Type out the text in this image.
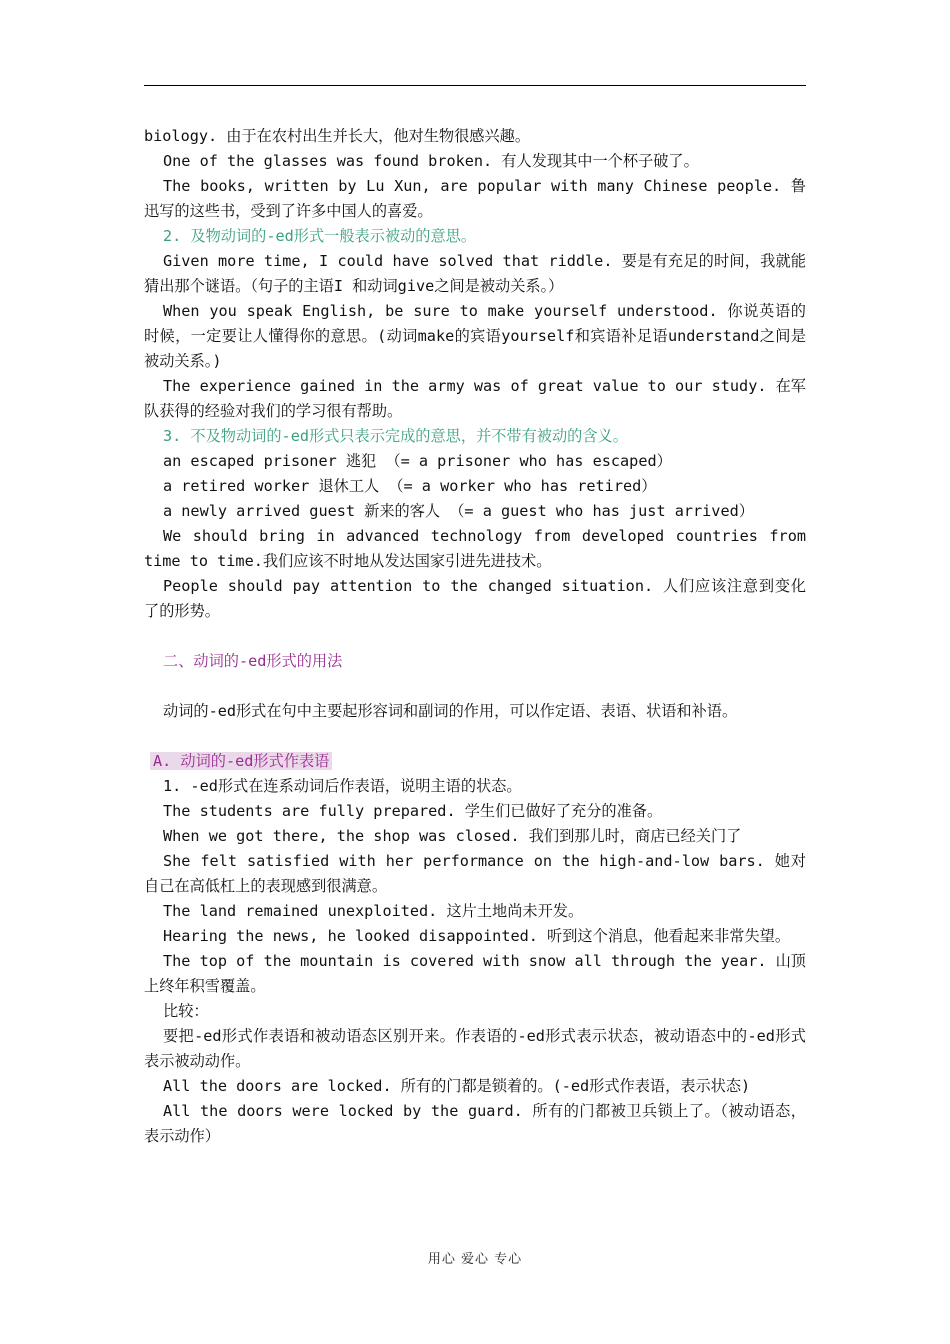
biology. 由于在农村出生并长大，他对生物很感兴趣。

One of the glasses was found broken. 有人发现其中一个杯子破了。

The books, written by Lu Xun, are popular with many Chinese people. 鲁迅写的这些书，受到了许多中国人的喜爱。

2. 及物动词的-ed形式一般表示被动的意思。

Given more time, I could have solved that riddle. 要是有充足的时间，我就能猜出那个谜语。（句子的主语I 和动词give之间是被动关系。）

When you speak English, be sure to make yourself understood. 你说英语的时候，一定要让人懂得你的意思。(动词make的宾语yourself和宾语补足语understand之间是被动关系。)

The experience gained in the army was of great value to our study. 在军队获得的经验对我们的学习很有帮助。

3. 不及物动词的-ed形式只表示完成的意思，并不带有被动的含义。

an escaped prisoner 逃犯 （= a prisoner who has escaped）

a retired worker 退休工人 （= a worker who has retired）

a newly arrived guest 新来的客人 （= a guest who has just arrived）

We should bring in advanced technology from developed countries from time to time.我们应该不时地从发达国家引进先进技术。

People should pay attention to the changed situation. 人们应该注意到变化了的形势。

二、动词的-ed形式的用法

动词的-ed形式在句中主要起形容词和副词的作用，可以作定语、表语、状语和补语。

A. 动词的-ed形式作表语

1. -ed形式在连系动词后作表语，说明主语的状态。

The students are fully prepared. 学生们已做好了充分的准备。

When we got there, the shop was closed. 我们到那儿时，商店已经关门了

She felt satisfied with her performance on the high-and-low bars. 她对自己在高低杠上的表现感到很满意。

The land remained unexploited. 这片土地尚未开发。

Hearing the news, he looked disappointed. 听到这个消息，他看起来非常失望。

The top of the mountain is covered with snow all through the year. 山顶上终年积雪覆盖。

比较：

要把-ed形式作表语和被动语态区别开来。作表语的-ed形式表示状态，被动语态中的-ed形式表示被动动作。

All the doors are locked. 所有的门都是锁着的。(-ed形式作表语，表示状态)

All the doors were locked by the guard. 所有的门都被卫兵锁上了。（被动语态，表示动作）

用心 爱心 专心
